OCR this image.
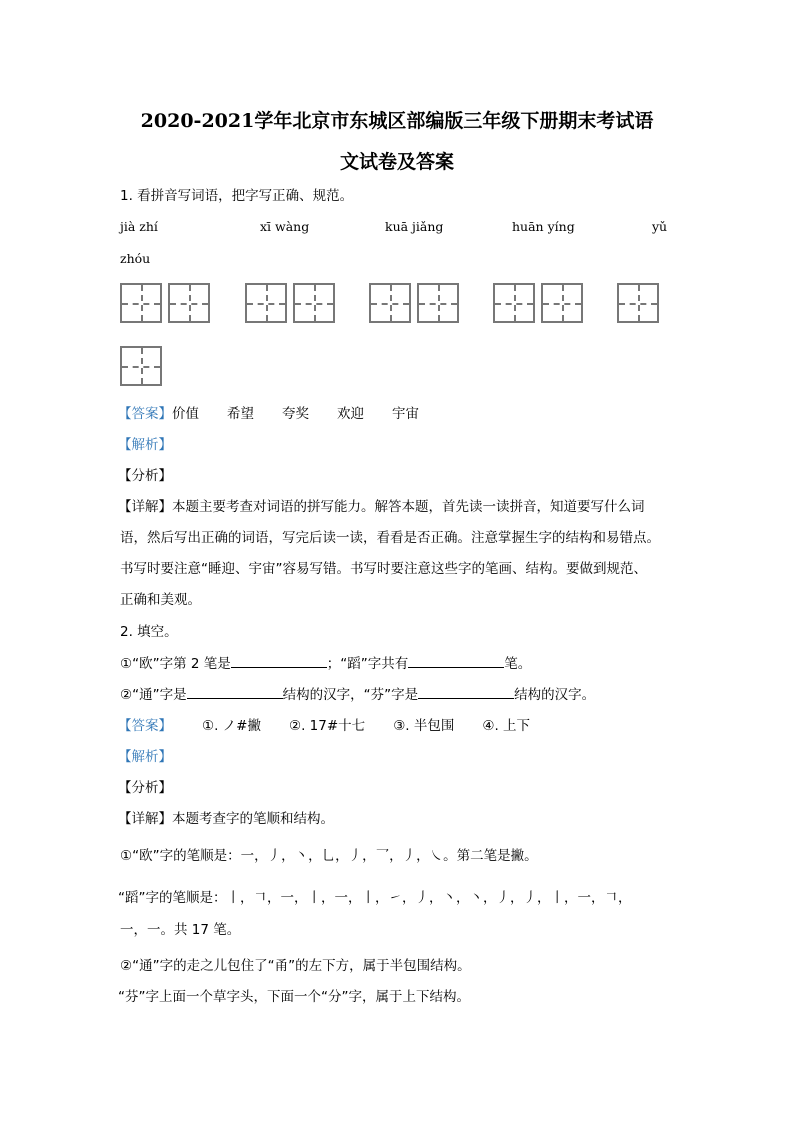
2020-2021学年北京市东城区部编版三年级下册期末考试语
文试卷及答案
1. 看拼音写词语，把字写正确、规范。
jià zhí	xī wàng	kuā jiǎng	huān yíng	yǔ
zhóu
【答案】价值 希望 夸奖 欢迎 宇宙
【解析】
【分析】
【详解】本题主要考查对词语的拼写能力。解答本题，首先读一读拼音，知道要写什么词
语，然后写出正确的词语，写完后读一读，看看是否正确。注意掌握生字的结构和易错点。
书写时要注意“睡迎、宇宙”容易写错。书写时要注意这些字的笔画、结构。要做到规范、
正确和美观。
2. 填空。
①“欧”字第 2 笔是	；“蹈”字共有	笔。
②“通”字是	结构的汉字，“芬”字是	结构的汉字。
【答案】 ①. ノ#撇 ②. 17#十七 ③. 半包围 ④. 上下
【解析】
【分析】
【详解】本题考查字的笔顺和结构。
①“欧”字的笔顺是：一，丿，丶，乚，丿，乛，丿，㇏。第二笔是撇。
“蹈”字的笔顺是：丨，𠃍，一，丨，一，丨，㇀，丿，丶，丶，丿，丿，丨，一，𠃍，
一，一。共 17 笔。
②“通”字的走之儿包住了“甬”的左下方，属于半包围结构。
“芬”字上面一个草字头，下面一个“分”字，属于上下结构。
